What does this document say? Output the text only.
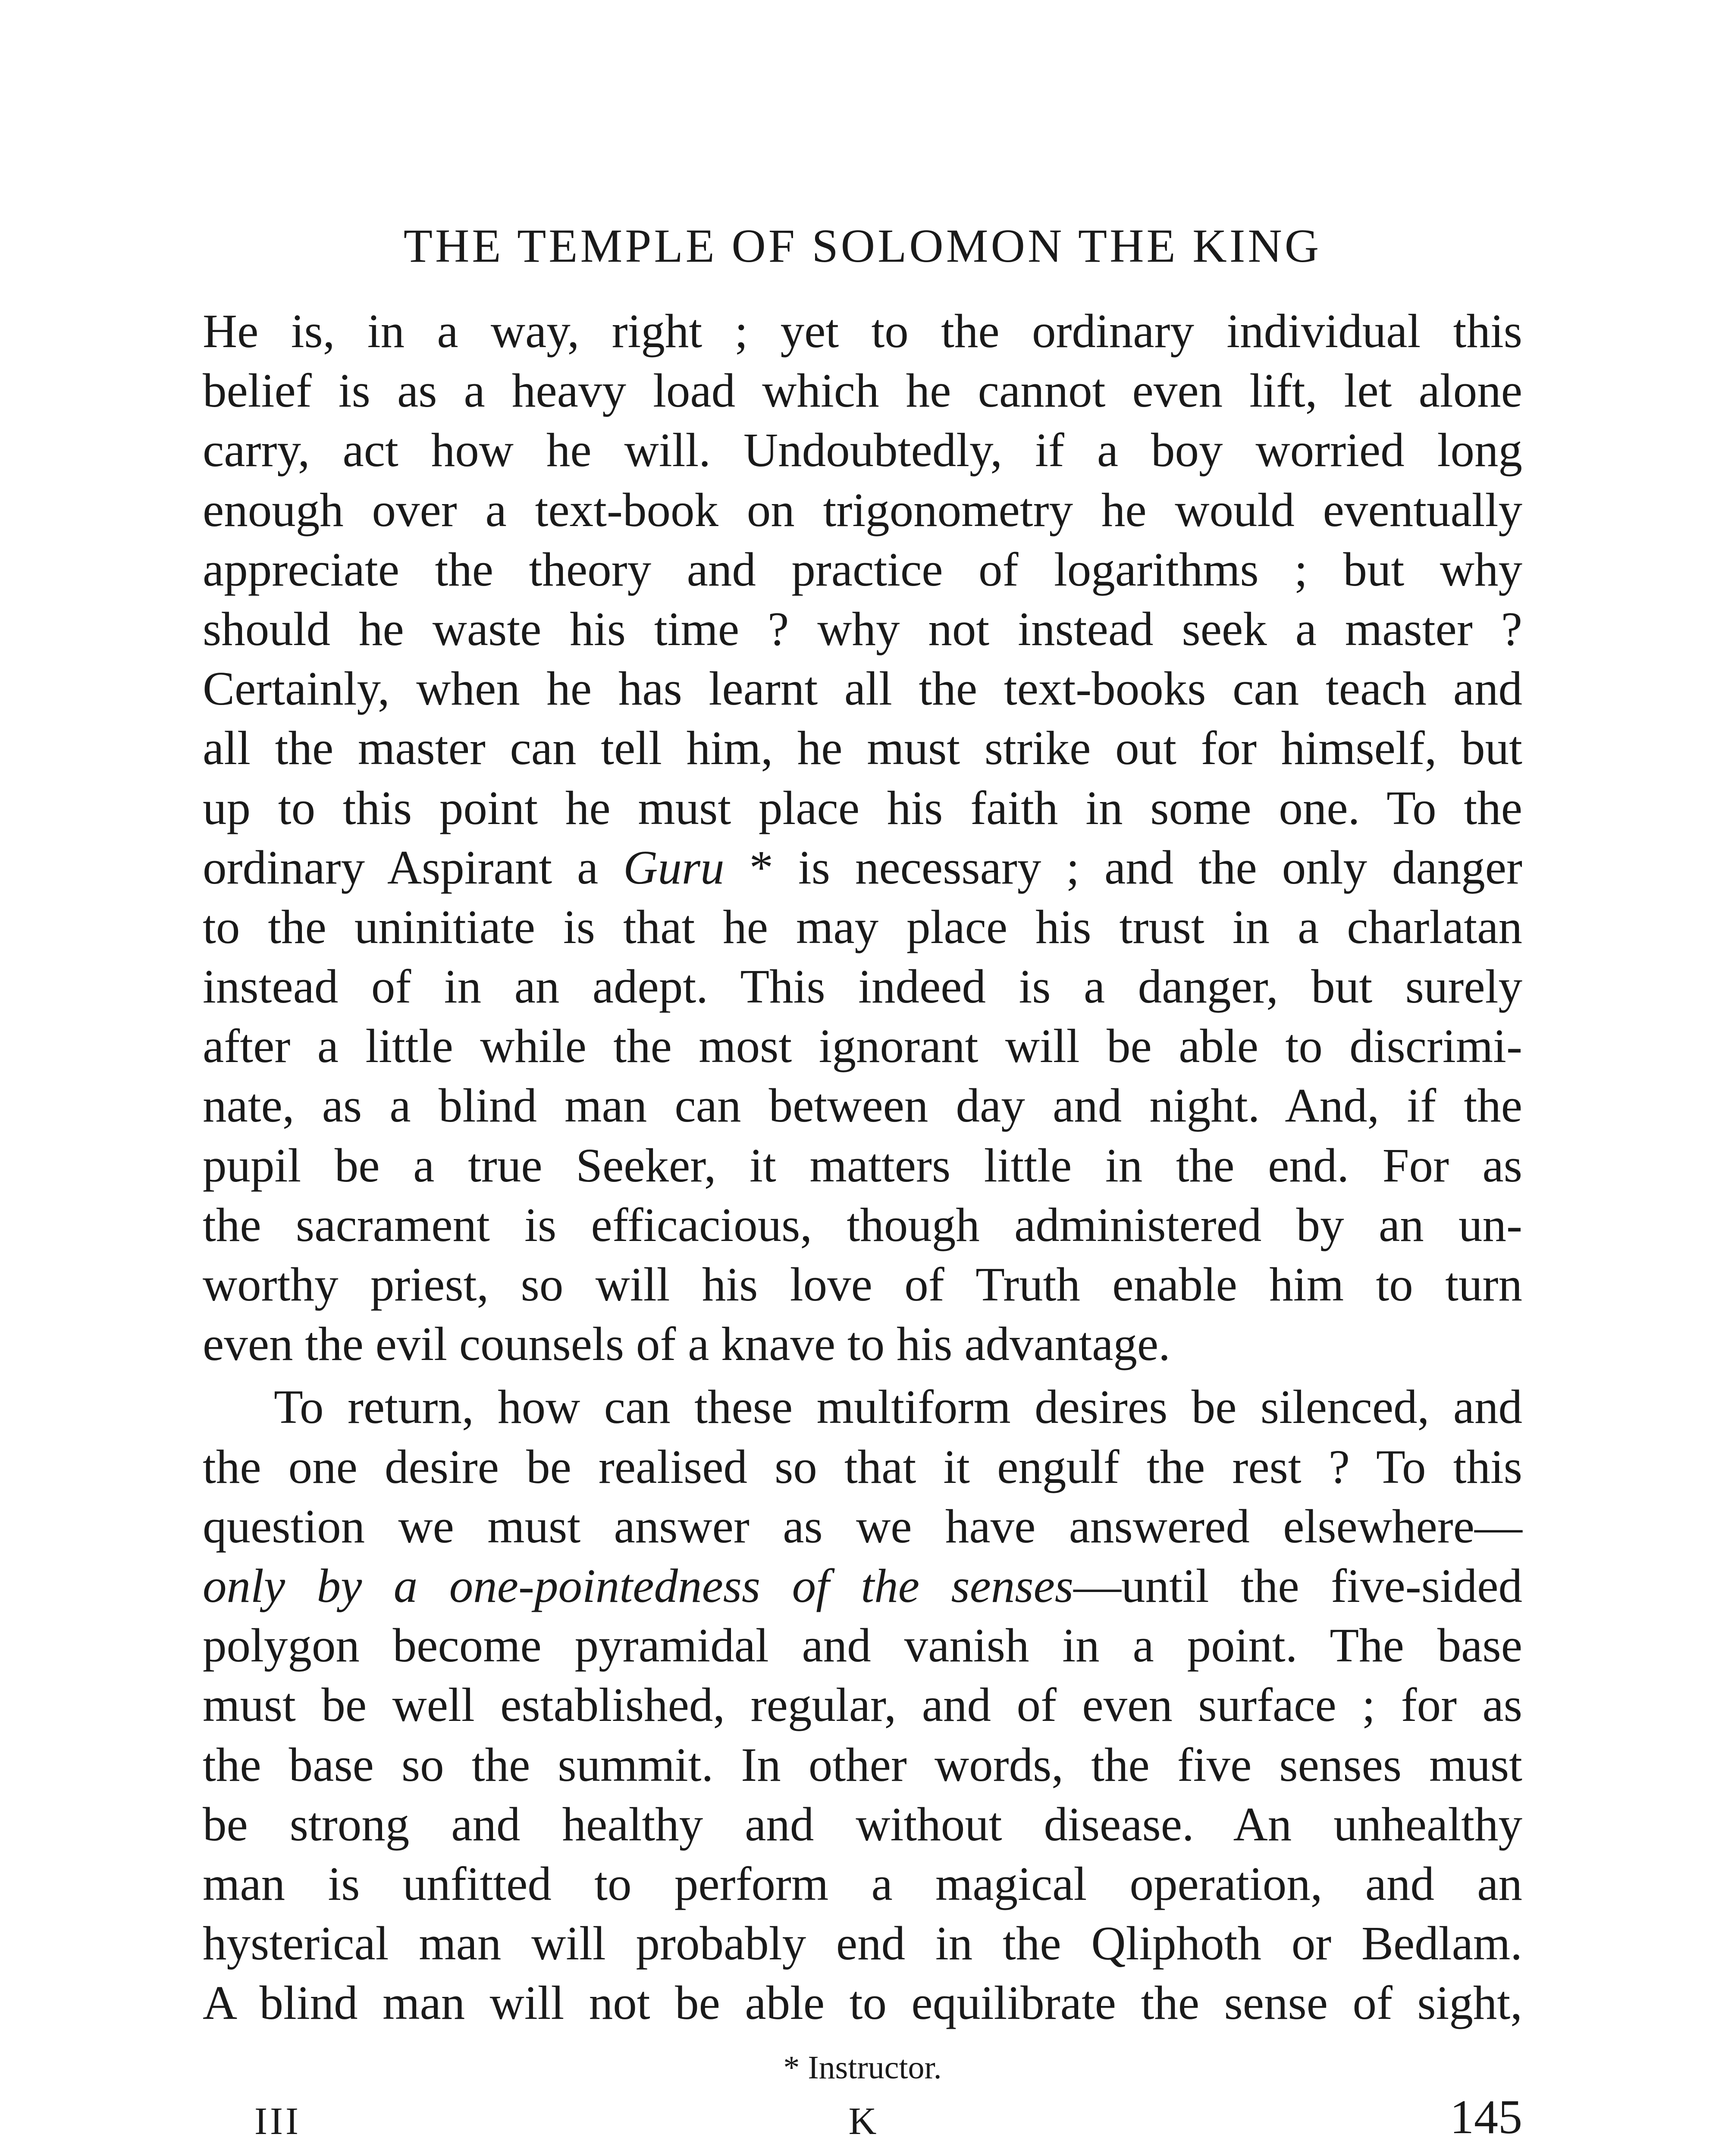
THE TEMPLE OF SOLOMON THE KING
He is, in a way, right ; yet to the ordinary individual this
belief is as a heavy load which he cannot even lift, let alone
carry, act how he will. Undoubtedly, if a boy worried long
enough over a text-book on trigonometry he would eventually
appreciate the theory and practice of logarithms ; but why
should he waste his time ? why not instead seek a master ?
Certainly, when he has learnt all the text-books can teach and
all the master can tell him, he must strike out for himself, but
up to this point he must place his faith in some one. To the
ordinary Aspirant a Guru * is necessary ; and the only danger
to the uninitiate is that he may place his trust in a charlatan
instead of in an adept. This indeed is a danger, but surely
after a little while the most ignorant will be able to discrimi-
nate, as a blind man can between day and night. And, if the
pupil be a true Seeker, it matters little in the end. For as
the sacrament is efficacious, though administered by an un-
worthy priest, so will his love of Truth enable him to turn
even the evil counsels of a knave to his advantage.
To return, how can these multiform desires be silenced, and
the one desire be realised so that it engulf the rest ? To this
question we must answer as we have answered elsewhere—
only by a one-pointedness of the senses—until the five-sided
polygon become pyramidal and vanish in a point. The base
must be well established, regular, and of even surface ; for as
the base so the summit. In other words, the five senses must
be strong and healthy and without disease. An unhealthy
man is unfitted to perform a magical operation, and an
hysterical man will probably end in the Qliphoth or Bedlam.
A blind man will not be able to equilibrate the sense of sight,
* Instructor.
III	K	145
